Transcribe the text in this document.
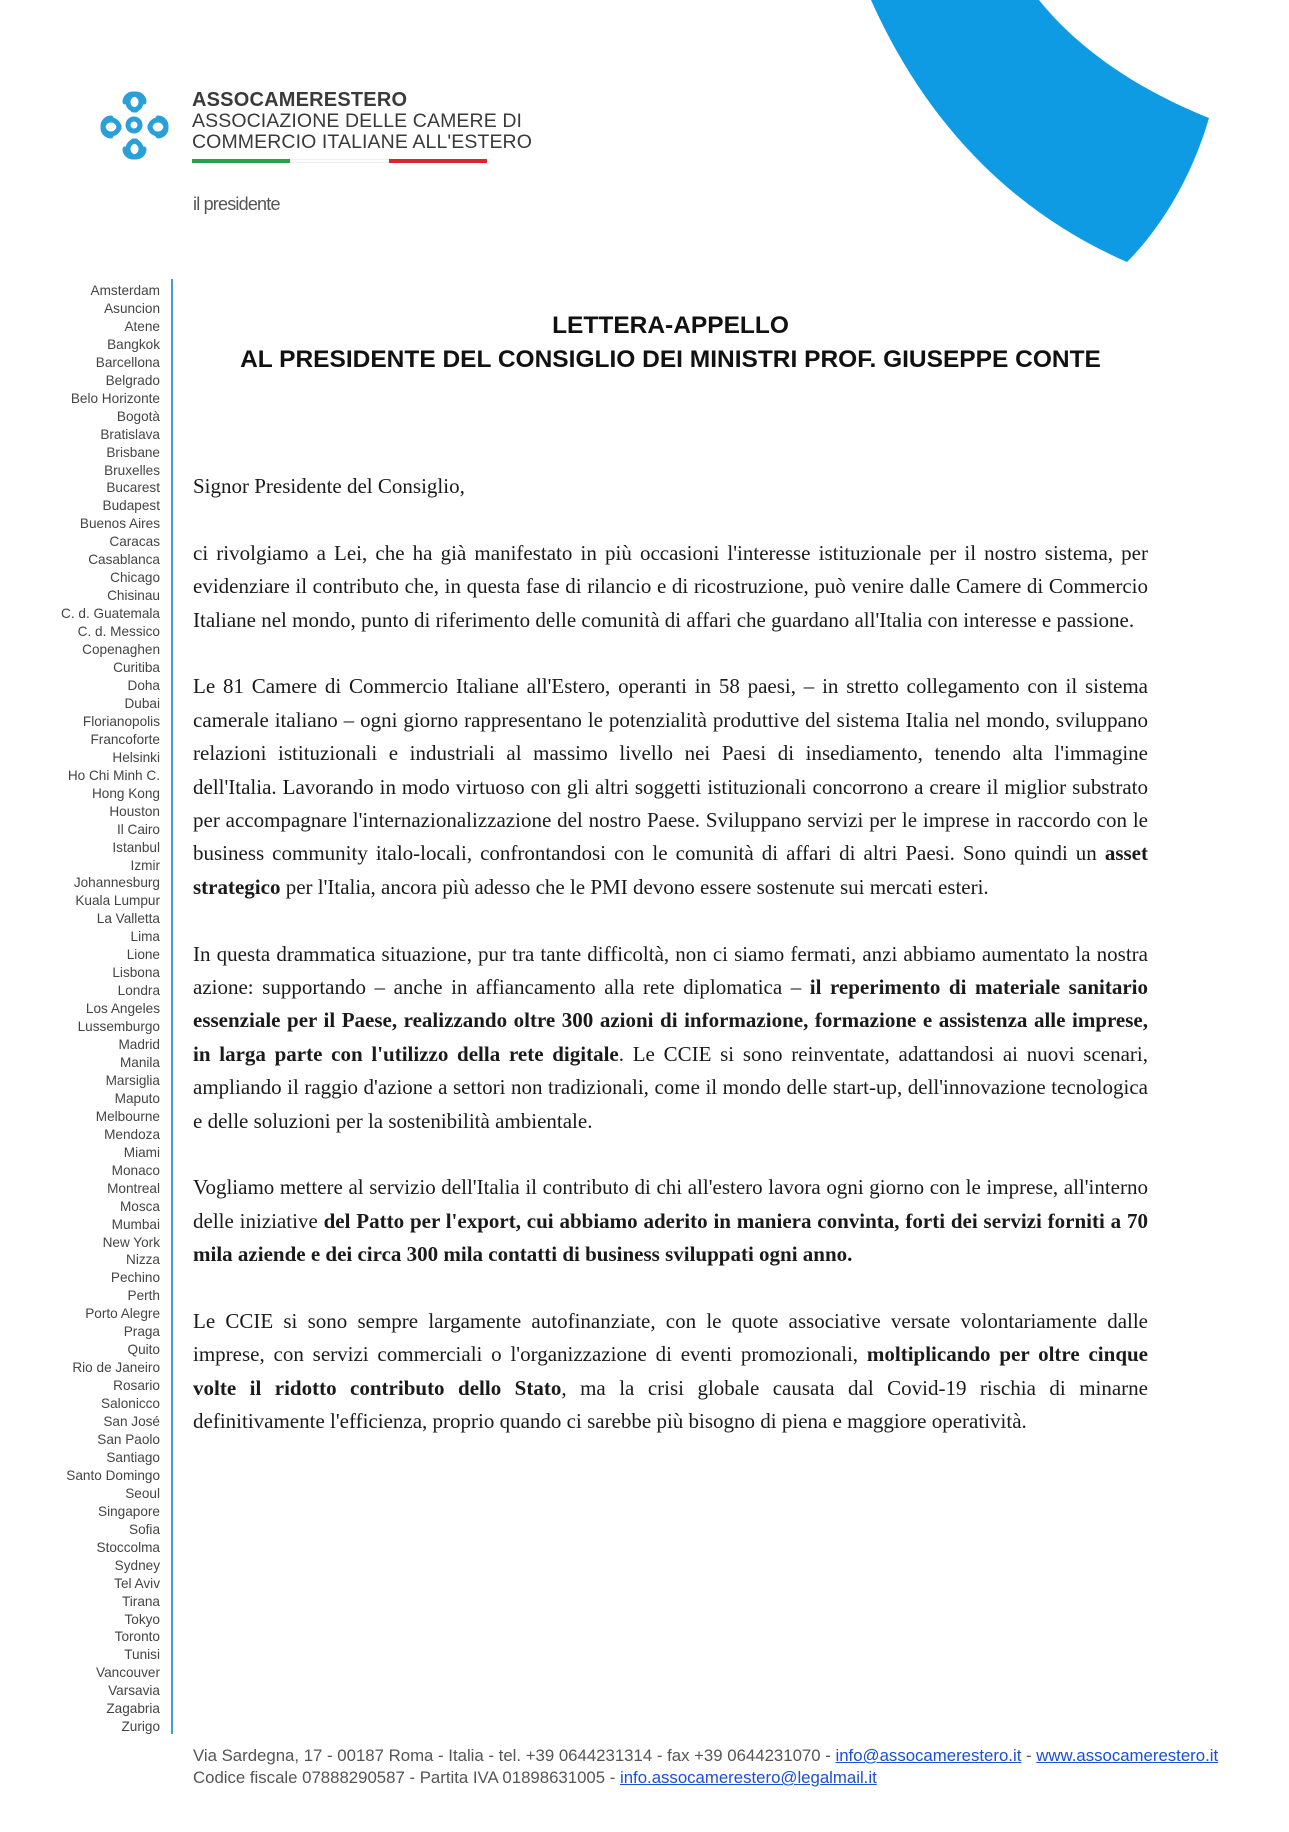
ASSOCAMERESTERO
ASSOCIAZIONE DELLE CAMERE DI
COMMERCIO ITALIANE ALL'ESTERO
il presidente
Amsterdam
Asuncion
Atene
Bangkok
Barcellona
Belgrado
Belo Horizonte
Bogotà
Bratislava
Brisbane
Bruxelles
Bucarest
Budapest
Buenos Aires
Caracas
Casablanca
Chicago
Chisinau
C. d. Guatemala
C. d. Messico
Copenaghen
Curitiba
Doha
Dubai
Florianopolis
Francoforte
Helsinki
Ho Chi Minh C.
Hong Kong
Houston
Il Cairo
Istanbul
Izmir
Johannesburg
Kuala Lumpur
La Valletta
Lima
Lione
Lisbona
Londra
Los Angeles
Lussemburgo
Madrid
Manila
Marsiglia
Maputo
Melbourne
Mendoza
Miami
Monaco
Montreal
Mosca
Mumbai
New York
Nizza
Pechino
Perth
Porto Alegre
Praga
Quito
Rio de Janeiro
Rosario
Salonicco
San José
San Paolo
Santiago
Santo Domingo
Seoul
Singapore
Sofia
Stoccolma
Sydney
Tel Aviv
Tirana
Tokyo
Toronto
Tunisi
Vancouver
Varsavia
Zagabria
Zurigo
LETTERA-APPELLO
AL PRESIDENTE DEL CONSIGLIO DEI MINISTRI PROF. GIUSEPPE CONTE

Signor Presidente del Consiglio,

ci rivolgiamo a Lei, che ha già manifestato in più occasioni l'interesse istituzionale per il nostro sistema, per evidenziare il contributo che, in questa fase di rilancio e di ricostruzione, può venire dalle Camere di Commercio Italiane nel mondo, punto di riferimento delle comunità di affari che guardano all'Italia con interesse e passione.

Le 81 Camere di Commercio Italiane all'Estero, operanti in 58 paesi, – in stretto collegamento con il sistema camerale italiano – ogni giorno rappresentano le potenzialità produttive del sistema Italia nel mondo, sviluppano relazioni istituzionali e industriali al massimo livello nei Paesi di insediamento, tenendo alta l'immagine dell'Italia. Lavorando in modo virtuoso con gli altri soggetti istituzionali concorrono a creare il miglior substrato per accompagnare l'internazionalizzazione del nostro Paese. Sviluppano servizi per le imprese in raccordo con le business community italo-locali, confrontandosi con le comunità di affari di altri Paesi. Sono quindi un asset strategico per l'Italia, ancora più adesso che le PMI devono essere sostenute sui mercati esteri.

In questa drammatica situazione, pur tra tante difficoltà, non ci siamo fermati, anzi abbiamo aumentato la nostra azione: supportando – anche in affiancamento alla rete diplomatica – il reperimento di materiale sanitario essenziale per il Paese, realizzando oltre 300 azioni di informazione, formazione e assistenza alle imprese, in larga parte con l'utilizzo della rete digitale. Le CCIE si sono reinventate, adattandosi ai nuovi scenari, ampliando il raggio d'azione a settori non tradizionali, come il mondo delle start-up, dell'innovazione tecnologica e delle soluzioni per la sostenibilità ambientale.

Vogliamo mettere al servizio dell'Italia il contributo di chi all'estero lavora ogni giorno con le imprese, all'interno delle iniziative del Patto per l'export, cui abbiamo aderito in maniera convinta, forti dei servizi forniti a 70 mila aziende e dei circa 300 mila contatti di business sviluppati ogni anno.

Le CCIE si sono sempre largamente autofinanziate, con le quote associative versate volontariamente dalle imprese, con servizi commerciali o l'organizzazione di eventi promozionali, moltiplicando per oltre cinque volte il ridotto contributo dello Stato, ma la crisi globale causata dal Covid-19 rischia di minarne definitivamente l'efficienza, proprio quando ci sarebbe più bisogno di piena e maggiore operatività.

Via Sardegna, 17 - 00187 Roma - Italia - tel. +39 0644231314 - fax +39 0644231070 - info@assocamerestero.it - www.assocamerestero.it
Codice fiscale 07888290587 - Partita IVA 01898631005 - info.assocamerestero@legalmail.it
